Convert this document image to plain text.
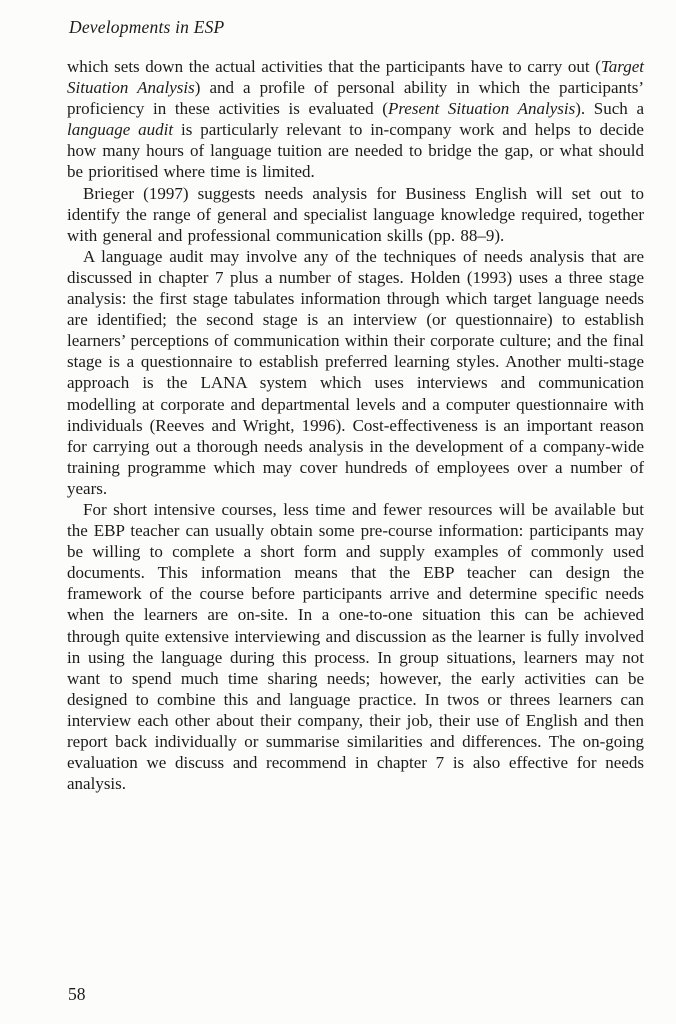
Developments in ESP

which sets down the actual activities that the participants have to carry out (Target Situation Analysis) and a profile of personal ability in which the participants’ proficiency in these activities is evaluated (Present Situation Analysis). Such a language audit is particularly relevant to in-company work and helps to decide how many hours of language tuition are needed to bridge the gap, or what should be prioritised where time is limited.

Brieger (1997) suggests needs analysis for Business English will set out to identify the range of general and specialist language knowledge required, together with general and professional communication skills (pp. 88–9).

A language audit may involve any of the techniques of needs analysis that are discussed in chapter 7 plus a number of stages. Holden (1993) uses a three stage analysis: the first stage tabulates information through which target language needs are identified; the second stage is an interview (or questionnaire) to establish learners’ perceptions of communication within their corporate culture; and the final stage is a questionnaire to establish preferred learning styles. Another multi-stage approach is the LANA system which uses interviews and communication modelling at corporate and departmental levels and a computer questionnaire with individuals (Reeves and Wright, 1996). Cost-effectiveness is an important reason for carrying out a thorough needs analysis in the development of a company-wide training programme which may cover hundreds of employees over a number of years.

For short intensive courses, less time and fewer resources will be available but the EBP teacher can usually obtain some pre-course information: participants may be willing to complete a short form and supply examples of commonly used documents. This information means that the EBP teacher can design the framework of the course before participants arrive and determine specific needs when the learners are on-site. In a one-to-one situation this can be achieved through quite extensive interviewing and discussion as the learner is fully involved in using the language during this process. In group situations, learners may not want to spend much time sharing needs; however, the early activities can be designed to combine this and language practice. In twos or threes learners can interview each other about their company, their job, their use of English and then report back individually or summarise similarities and differences. The on-going evaluation we discuss and recommend in chapter 7 is also effective for needs analysis.

58
